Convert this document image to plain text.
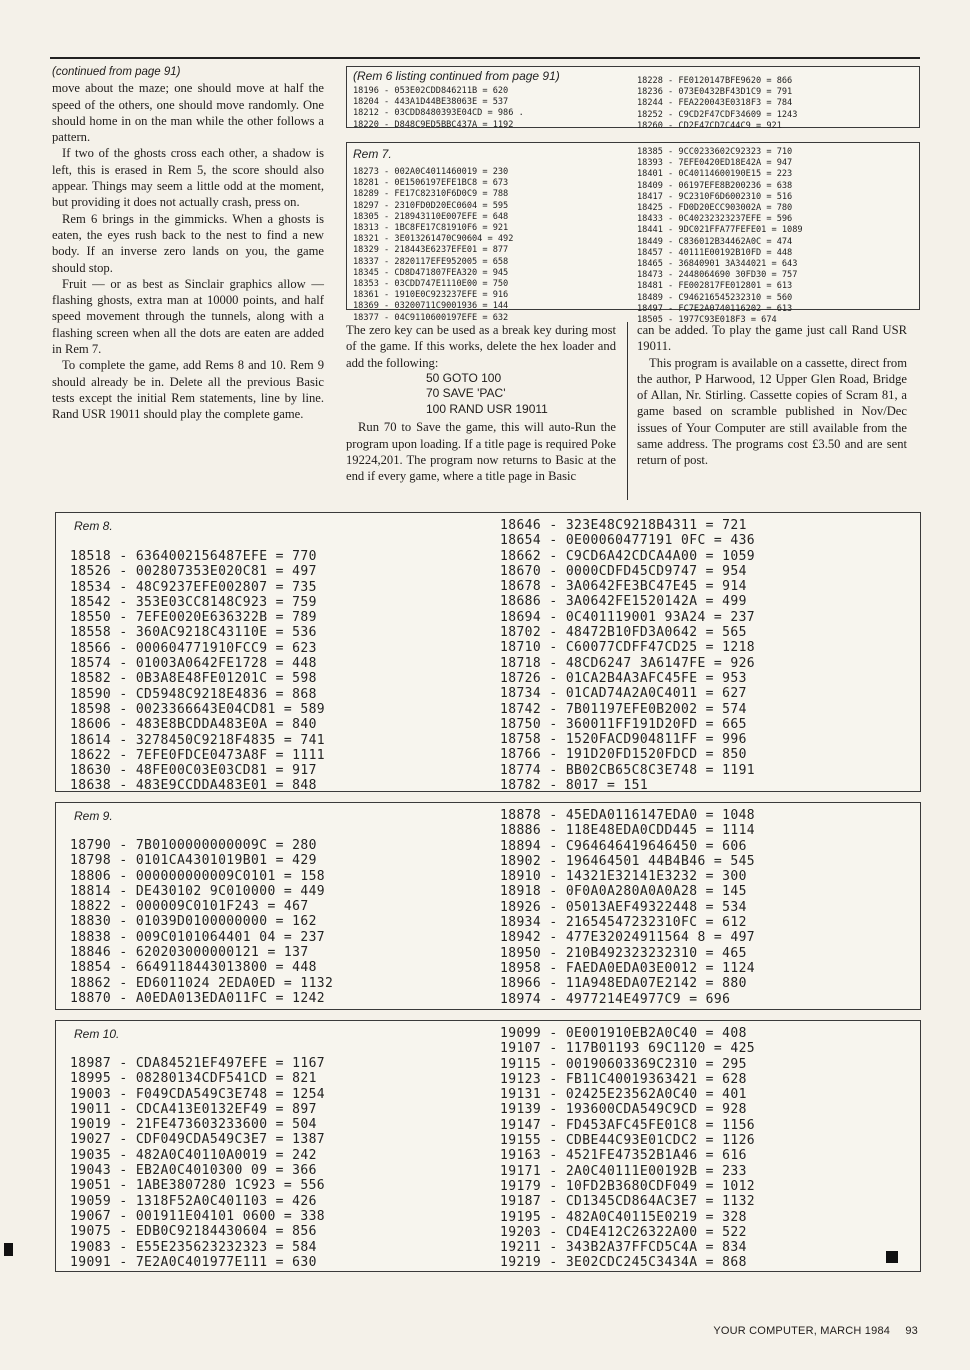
(continued from page 91)

move about the maze; one should move at half the speed of the others, one should move randomly. One should home in on the man while the other follows a pattern.

If two of the ghosts cross each other, a shadow is left, this is erased in Rem 5, the score should also appear. Things may seem a little odd at the moment, but providing it does not actually crash, press on.

Rem 6 brings in the gimmicks. When a ghosts is eaten, the eyes rush back to the nest to find a new body. If an inverse zero lands on you, the game should stop.

Fruit — or as best as Sinclair graphics allow — flashing ghosts, extra man at 10000 points, and half speed movement through the tunnels, along with a flashing screen when all the dots are eaten are added in Rem 7.

To complete the game, add Rems 8 and 10. Rem 9 should already be in. Delete all the previous Basic tests except the initial Rem statements, line by line. Rand USR 19011 should play the complete game.

(Rem 6 listing continued from page 91)
18196 - 053E02CDD846211B = 620
18204 - 443A1D44BE38063E = 537
18212 - 03CDD8480393E04CD = 986 .
18220 - D848C9ED5BBC437A = 1192
18228 - FE0120147BFE9620 = 866
18236 - 073E0432BF43D1C9 = 791
18244 - FEA220043E0318F3 = 784
18252 - C9CD2F47CDF34609 = 1243
18260 - CD2F47CD7C44C9 = 921
Rem 7.
18273 - 002A0C4011460019 = 230
18281 - 0E1506197EFE1BC8 = 673
18289 - FE17C82310F6D0C9 = 788
18297 - 2310FD0D20EC0604 = 595
18305 - 218943110E007EFE = 648
18313 - 1BC8FE17C81910F6 = 921
18321 - 3E013261470C90604 = 492
18329 - 218443E6237EFE01 = 877
18337 - 2820117EFE952005 = 658
18345 - CD8D471807FEA320 = 945
18353 - 03CDD747E1110E00 = 750
18361 - 1910E0C923237EFE = 916
18369 - 03200711C9001936 = 144
18377 - 04C9110600197EFE = 632
18385 - 9CC0233602C92323 = 710
18393 - 7EFE0420ED18E42A = 947
18401 - 0C40114600190E15 = 223
18409 - 06197EFE8B200236 = 638
18417 - 9C2310F6D6002310 = 516
18425 - FD0D20ECC903002A = 780
18433 - 0C40232323237EFE = 596
18441 - 9DC021FFA77FEFE01 = 1089
18449 - C836012B34462A0C = 474
18457 - 40111E00192B10FD = 448
18465 - 36840901 3A344021 = 643
18473 - 2448064690 30FD30 = 757
18481 - FE002817FE012801 = 613
18489 - C946216545232310 = 560
18497 - FC7E2A0740116202 = 613
18505 - 1977C93E018F3 = 674

The zero key can be used as a break key during most of the game. If this works, delete the hex loader and add the following:

50 GOTO 100
70 SAVE 'PAC'
100 RAND USR 19011

Run 70 to Save the game, this will auto-Run the program upon loading. If a title page is required Poke 19224,201. The program now returns to Basic at the end if every game, where a title page in Basic

can be added. To play the game just call Rand USR 19011.

This program is available on a cassette, direct from the author, P Harwood, 12 Upper Glen Road, Bridge of Allan, Nr. Stirling. Cassette copies of Scram 81, a game based on scramble published in Nov/Dec issues of Your Computer are still available from the same address. The programs cost £3.50 and are sent return of post.

Rem 8.
18518 - 6364002156487EFE = 770
18526 - 002807353E020C81 = 497
18534 - 48C9237EFE002807 = 735
18542 - 353E03CC8148C923 = 759
18550 - 7EFE0020E636322B = 789
18558 - 360AC9218C43110E = 536
18566 - 000604771910FCC9 = 623
18574 - 01003A0642FE1728 = 448
18582 - 0B3A8E48FE01201C = 598
18590 - CD5948C9218E4836 = 868
18598 - 0023366643E04CD81 = 589
18606 - 483E8BCDDA483E0A = 840
18614 - 3278450C9218F4835 = 741
18622 - 7EFE0FDCE0473A8F = 1111
18630 - 48FE00C03E03CD81 = 917
18638 - 483E9CCDDA483E01 = 848
18646 - 323E48C9218B4311 = 721
18654 - 0E00060477191 0FC = 436
18662 - C9CD6A42CDCA4A00 = 1059
18670 - 0000CDFD45CD9747 = 954
18678 - 3A0642FE3BC47E45 = 914
18686 - 3A0642FE1520142A = 499
18694 - 0C401119001 93A24 = 237
18702 - 48472B10FD3A0642 = 565
18710 - C60077CDFF47CD25 = 1218
18718 - 48CD6247 3A6147FE = 926
18726 - 01CA2B4A3AFC45FE = 953
18734 - 01CAD74A2A0C4011 = 627
18742 - 7B01197EFE0B2002 = 574
18750 - 360011FF191D20FD = 665
18758 - 1520FACD904811FF = 996
18766 - 191D20FD1520FDCD = 850
18774 - BB02CB65C8C3E748 = 1191
18782 - 8017 = 151
Rem 9.
18790 - 7B0100000000009C = 280
18798 - 0101CA4301019B01 = 429
18806 - 000000000009C0101 = 158
18814 - DE430102 9C010000 = 449
18822 - 000009C0101F243 = 467
18830 - 01039D0100000000 = 162
18838 - 009C0101064401 04 = 237
18846 - 620203000000121 = 137
18854 - 6649118443013800 = 448
18862 - ED6011024 2EDA0ED = 1132
18870 - A0EDA013EDA011FC = 1242
18878 - 45EDA0116147EDA0 = 1048
18886 - 118E48EDA0CDD445 = 1114
18894 - C964646419646450 = 606
18902 - 196464501 44B4B46 = 545
18910 - 14321E32141E3232 = 300
18918 - 0F0A0A280A0A0A28 = 145
18926 - 05013AEF49322448 = 534
18934 - 21654547232310FC = 612
18942 - 477E32024911564 8 = 497
18950 - 210B492323232310 = 465
18958 - FAEDA0EDA03E0012 = 1124
18966 - 11A948EDA07E2142 = 880
18974 - 4977214E4977C9 = 696
Rem 10.
18987 - CDA84521EF497EFE = 1167
18995 - 08280134CDF541CD = 821
19003 - F049CDA549C3E748 = 1254
19011 - CDCA413E0132EF49 = 897
19019 - 21FE473603233600 = 504
19027 - CDF049CDA549C3E7 = 1387
19035 - 482A0C40110A0019 = 242
19043 - EB2A0C4010300 09 = 366
19051 - 1ABE3807280 1C923 = 556
19059 - 1318F52A0C401103 = 426
19067 - 001911E04101 0600 = 338
19075 - EDB0C92184430604 = 856
19083 - E55E235623232323 = 584
19091 - 7E2A0C401977E111 = 630
19099 - 0E001910EB2A0C40 = 408
19107 - 117B01193 69C1120 = 425
19115 - 00190603369C2310 = 295
19123 - FB11C40019363421 = 628
19131 - 02425E23562A0C40 = 401
19139 - 193600CDA549C9CD = 928
19147 - FD453AFC45FE01C8 = 1156
19155 - CDBE44C93E01CDC2 = 1126
19163 - 4521FE47352B1A46 = 616
19171 - 2A0C40111E00192B = 233
19179 - 10FD2B3680CDF049 = 1012
19187 - CD1345CD864AC3E7 = 1132
19195 - 482A0C40115E0219 = 328
19203 - CD4E412C26322A00 = 522
19211 - 343B2A37FFCD5C4A = 834
19219 - 3E02CDC245C3434A = 868
YOUR COMPUTER, MARCH 1984 93
